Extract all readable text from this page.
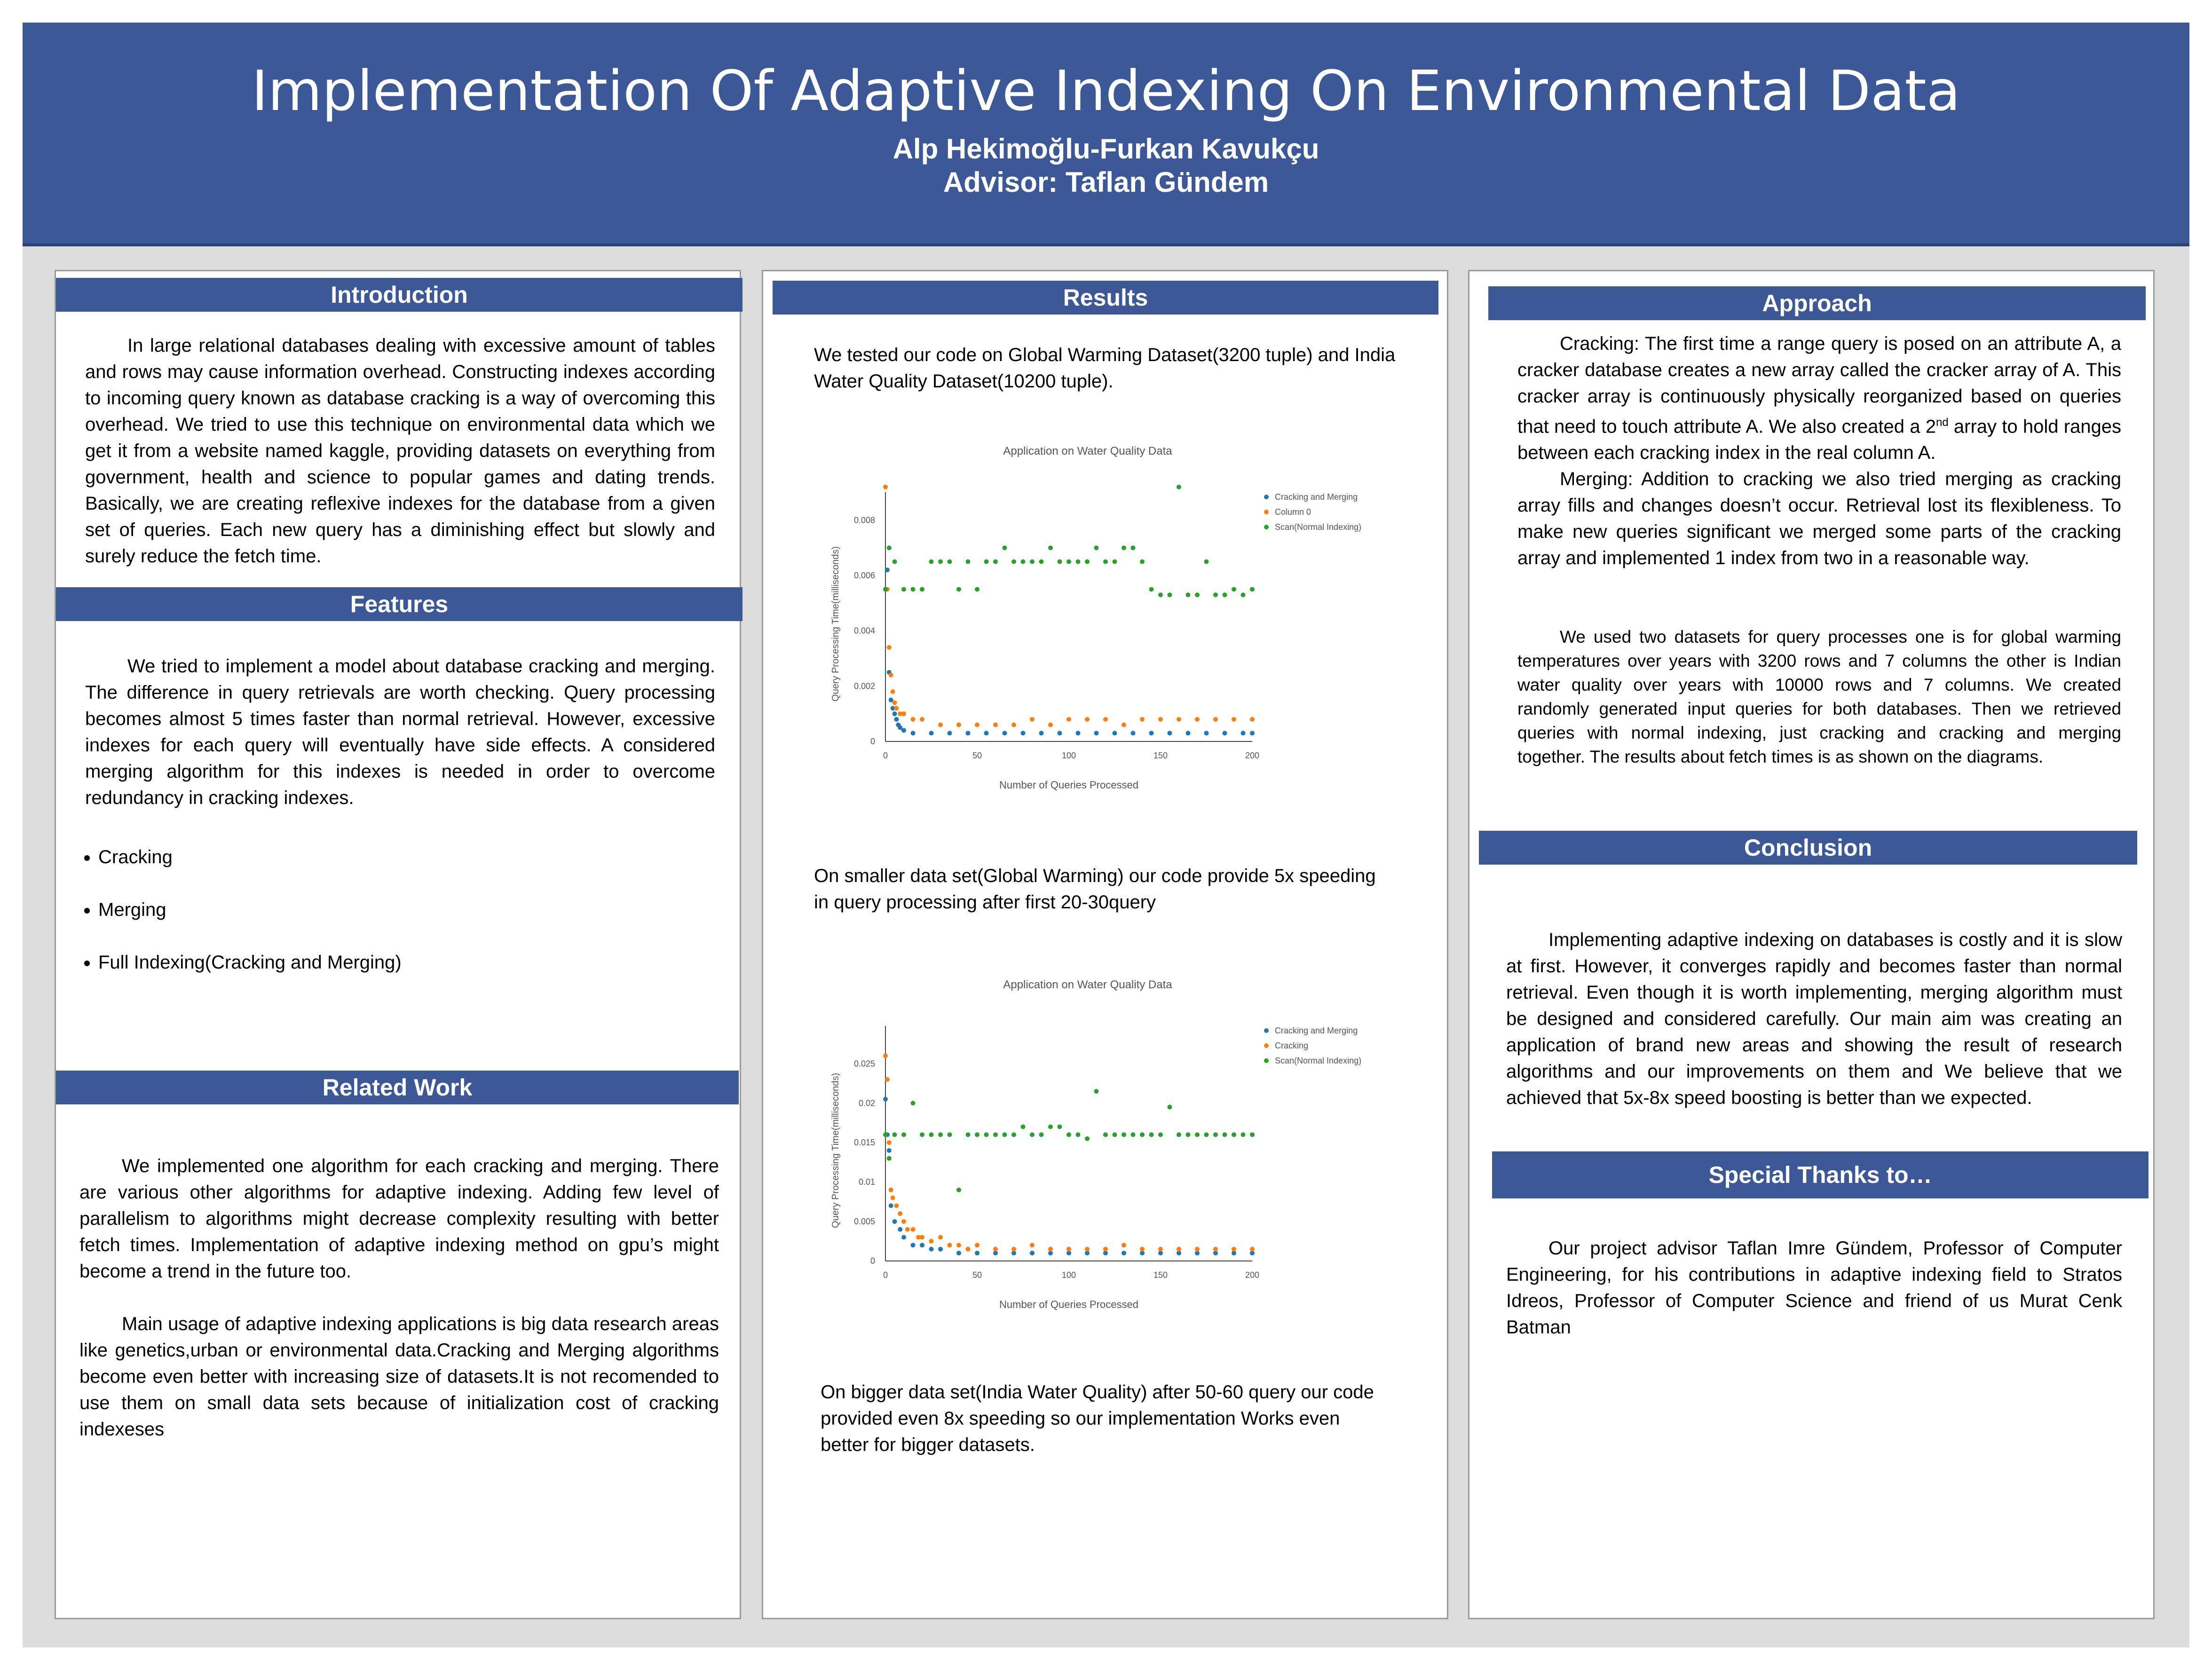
Implementation Of Adaptive Indexing On Environmental Data
Alp Hekimoğlu-Furkan Kavukçu
Advisor: Taflan Gündem
Introduction

In large relational databases dealing with excessive amount of tables and rows may cause information overhead. Constructing indexes according to incoming query known as database cracking is a way of overcoming this overhead. We tried to use this technique on environmental data which we get it from a website named kaggle, providing datasets on everything from government, health and science to popular games and dating trends. Basically, we are creating reflexive indexes for the database from a given set of queries. Each new query has a diminishing effect but slowly and surely reduce the fetch time.

Features

We tried to implement a model about database cracking and merging. The difference in query retrievals are worth checking. Query processing becomes almost 5 times faster than normal retrieval. However, excessive indexes for each query will eventually have side effects. A considered merging algorithm for this indexes is needed in order to overcome redundancy in cracking indexes.

• Cracking
• Merging
• Full Indexing(Cracking and Merging)
Related Work

We implemented one algorithm for each cracking and merging. There are various other algorithms for adaptive indexing. Adding few level of parallelism to algorithms might decrease complexity resulting with better fetch times. Implementation of adaptive indexing method on gpu’s might become a trend in the future too.

Main usage of adaptive indexing applications is big data research areas like genetics,urban or environmental data.Cracking and Merging algorithms become even better with increasing size of datasets.It is not recomended to use them on small data sets because of initialization cost of cracking indexeses

Results
We tested our code on Global Warming Dataset(3200 tuple) and India Water Quality Dataset(10200 tuple).
Application on Water Quality Data
0	50	100	150	200
0
0.002
0.004
0.006
0.008
Number of Queries Processed
Query Processing Time(milliseconds)
Cracking and Merging
Column 0
Scan(Normal Indexing)
On smaller data set(Global Warming) our code provide 5x speeding in query processing after first 20-30query
Application on Water Quality Data
0	50	100	150	200
0
0.005
0.01
0.015
0.02
0.025
Number of Queries Processed
Query Processing Time(milliseconds)
Cracking and Merging
Cracking
Scan(Normal Indexing)
On bigger data set(India Water Quality) after 50-60 query our code provided even 8x speeding so our implementation Works even better for bigger datasets.
Approach

Cracking: The first time a range query is posed on an attribute A, a cracker database creates a new array called the cracker array of A. This cracker array is continuously physically reorganized based on queries that need to touch attribute A. We also created a 2nd array to hold ranges between each cracking index in the real column A.

Merging: Addition to cracking we also tried merging as cracking array fills and changes doesn’t occur. Retrieval lost its flexibleness. To make new queries significant we merged some parts of the cracking array and implemented 1 index from two in a reasonable way.

We used two datasets for query processes one is for global warming temperatures over years with 3200 rows and 7 columns the other is Indian water quality over years with 10000 rows and 7 columns. We created randomly generated input queries for both databases. Then we retrieved queries with normal indexing, just cracking and cracking and merging together. The results about fetch times is as shown on the diagrams.

Conclusion

Implementing adaptive indexing on databases is costly and it is slow at first. However, it converges rapidly and becomes faster than normal retrieval. Even though it is worth implementing, merging algorithm must be designed and considered carefully. Our main aim was creating an application of brand new areas and showing the result of research algorithms and our improvements on them and We believe that we achieved that 5x-8x speed boosting is better than we expected.

Special Thanks to…

Our project advisor Taflan Imre Gündem, Professor of Computer Engineering, for his contributions in adaptive indexing field to Stratos Idreos, Professor of Computer Science and friend of us Murat Cenk Batman
